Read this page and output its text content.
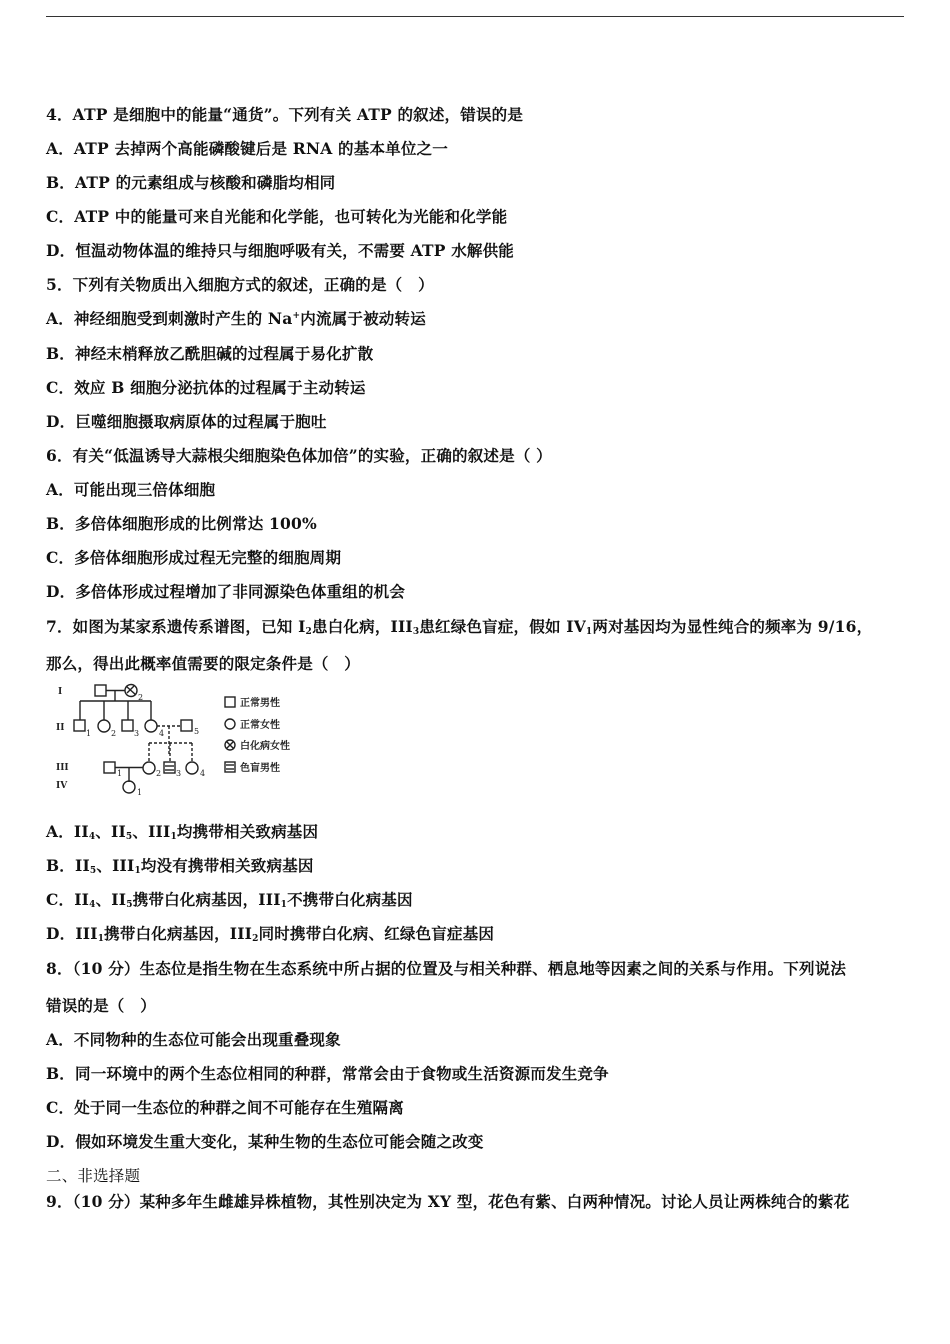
4．ATP 是细胞中的能量“通货”。下列有关 ATP 的叙述，错误的是
A．ATP 去掉两个高能磷酸键后是 RNA 的基本单位之一
B．ATP 的元素组成与核酸和磷脂均相同
C．ATP 中的能量可来自光能和化学能，也可转化为光能和化学能
D．恒温动物体温的维持只与细胞呼吸有关，不需要 ATP 水解供能
5．下列有关物质出入细胞方式的叙述，正确的是（　）
A．神经细胞受到刺激时产生的 Na+内流属于被动转运
B．神经末梢释放乙酰胆碱的过程属于易化扩散
C．效应 B 细胞分泌抗体的过程属于主动转运
D．巨噬细胞摄取病原体的过程属于胞吐
6．有关“低温诱导大蒜根尖细胞染色体加倍”的实验，正确的叙述是（ ）
A．可能出现三倍体细胞
B．多倍体细胞形成的比例常达 100%
C．多倍体细胞形成过程无完整的细胞周期
D．多倍体形成过程增加了非同源染色体重组的机会
7．如图为某家系遗传系谱图，已知 $I_2$患白化病，$III_3$患红绿色盲症，假如 $IV_1$两对基因均为显性纯合的频率为 9/16，
那么，得出此概率值需要的限定条件是（　）
I
II
III
IV
正常男性
正常女性
白化病女性
色盲男性
2
1 2 3 4	5
1	2 3 4
1
A．$II_4$、$II_5$、$III_1$均携带相关致病基因
B．$II_5$、$III_1$均没有携带相关致病基因
C．$II_4$、$II_5$携带白化病基因，$III_1$不携带白化病基因
D．$III_1$携带白化病基因，$III_2$同时携带白化病、红绿色盲症基因
8．（10 分）生态位是指生物在生态系统中所占据的位置及与相关种群、栖息地等因素之间的关系与作用。下列说法
错误的是（　）
A．不同物种的生态位可能会出现重叠现象
B．同一环境中的两个生态位相同的种群，常常会由于食物或生活资源而发生竞争
C．处于同一生态位的种群之间不可能存在生殖隔离
D．假如环境发生重大变化，某种生物的生态位可能会随之改变
二、非选择题
9．（10 分）某种多年生雌雄异株植物，其性别决定为 XY 型，花色有紫、白两种情况。讨论人员让两株纯合的紫花
